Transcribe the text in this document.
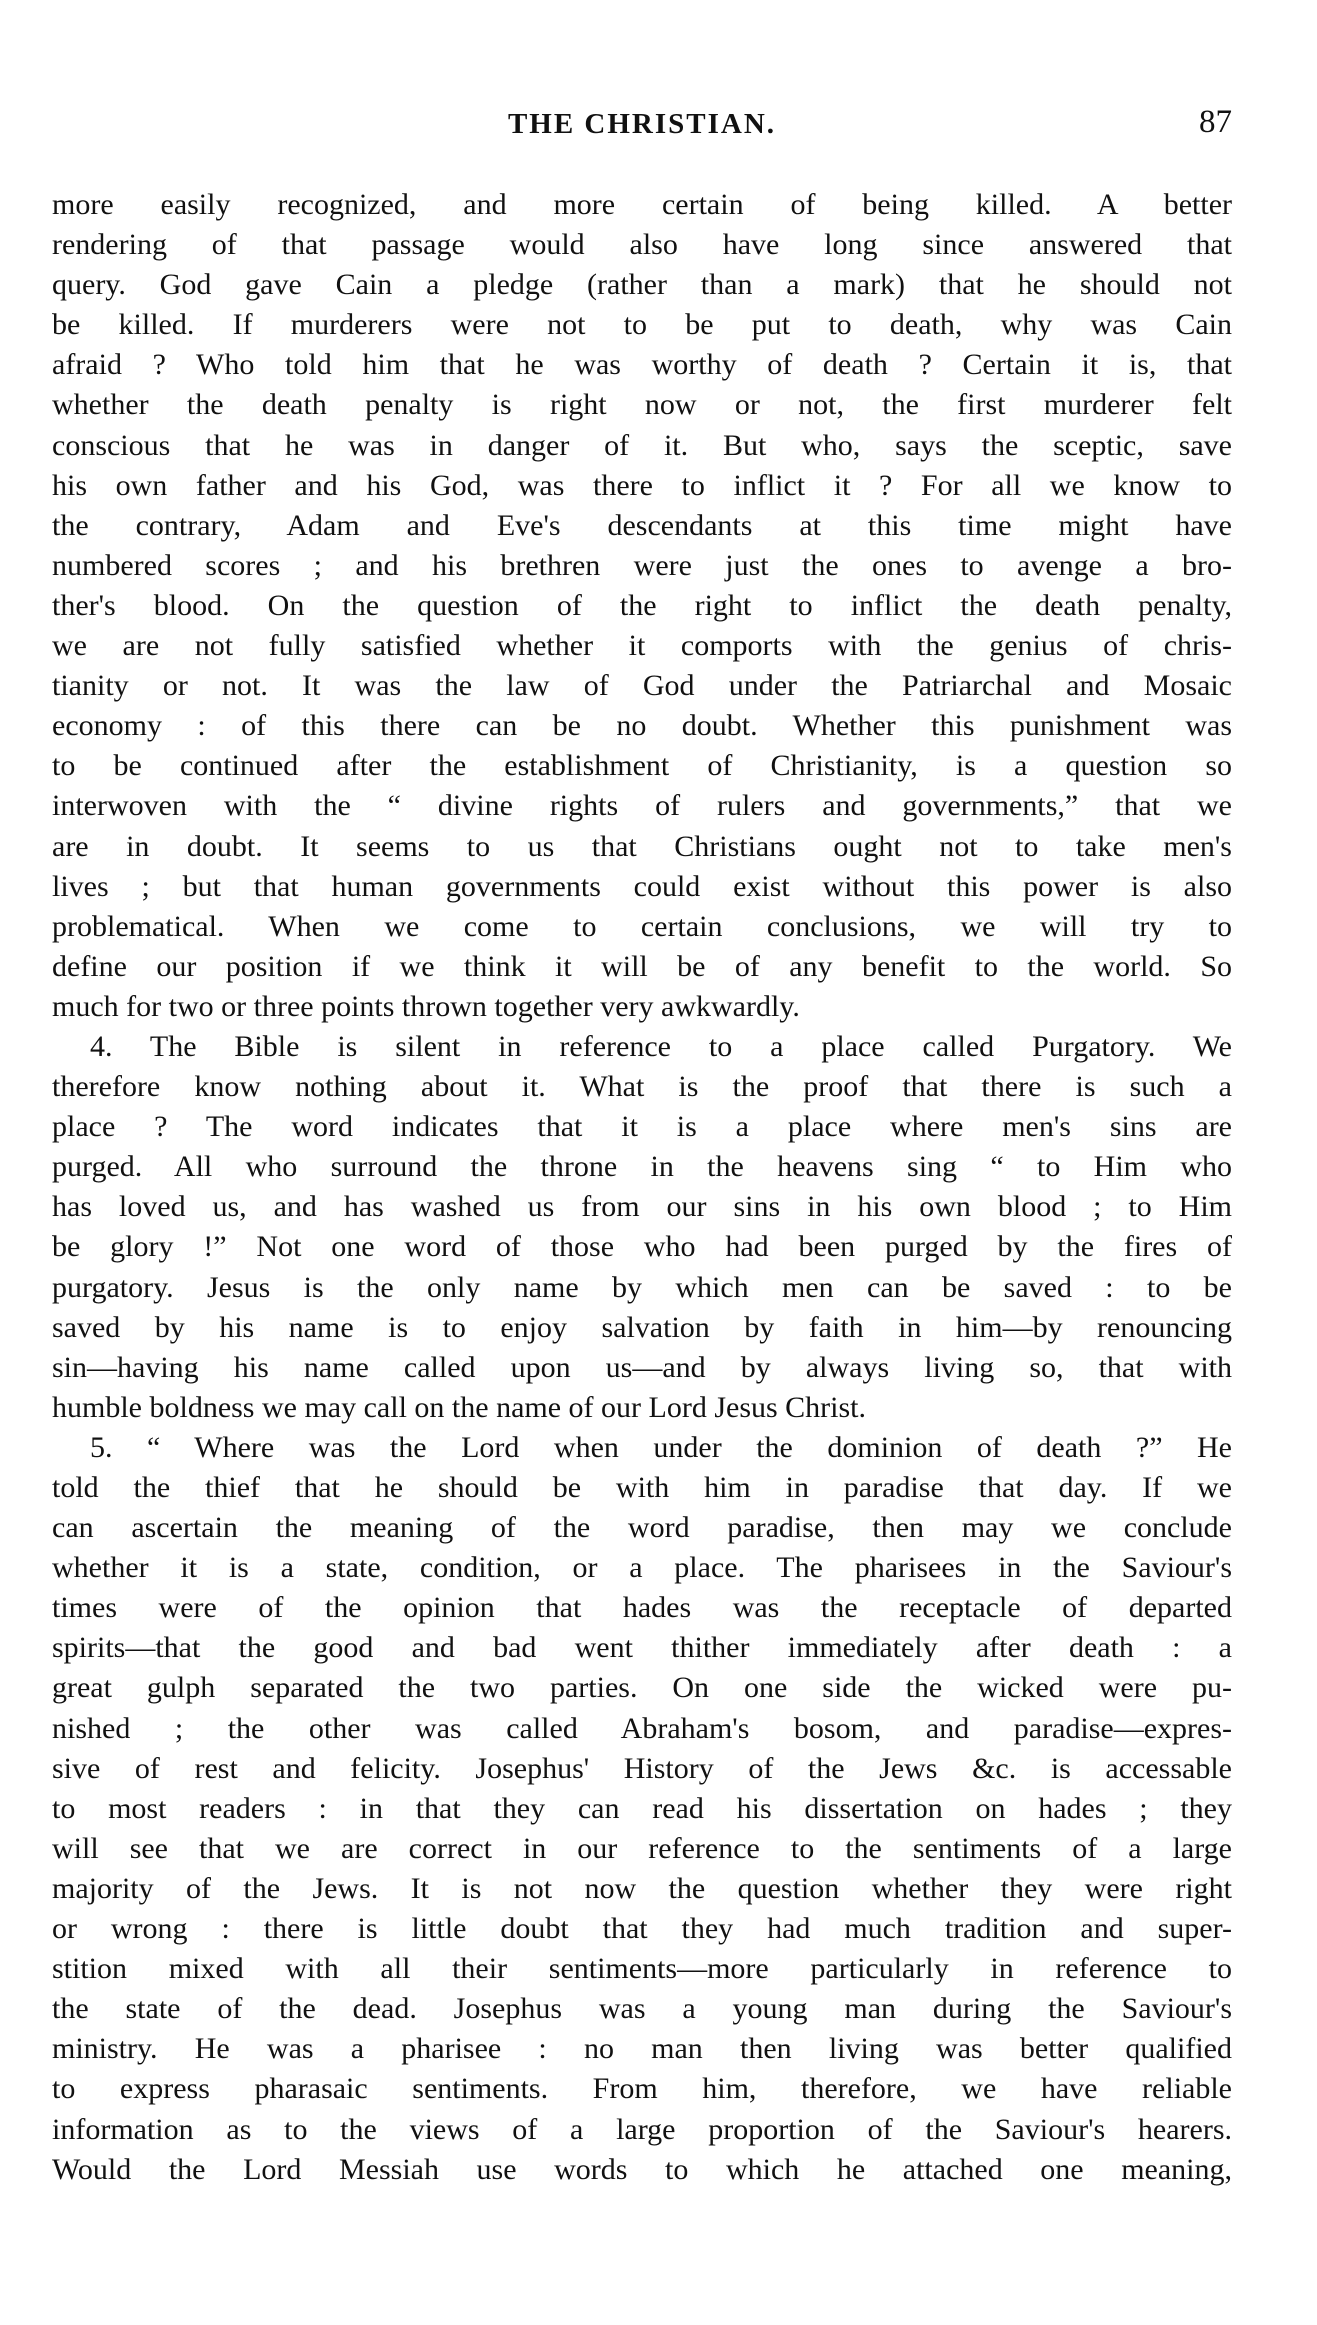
THE CHRISTIAN.	87
more easily recognized, and more certain of being killed. A better
rendering of that passage would also have long since answered that
query. God gave Cain a pledge (rather than a mark) that he should not
be killed. If murderers were not to be put to death, why was Cain
afraid ? Who told him that he was worthy of death ? Certain it is, that
whether the death penalty is right now or not, the first murderer felt
conscious that he was in danger of it. But who, says the sceptic, save
his own father and his God, was there to inflict it ? For all we know to
the contrary, Adam and Eve's descendants at this time might have
numbered scores ; and his brethren were just the ones to avenge a bro-
ther's blood. On the question of the right to inflict the death penalty,
we are not fully satisfied whether it comports with the genius of chris-
tianity or not. It was the law of God under the Patriarchal and Mosaic
economy : of this there can be no doubt. Whether this punishment was
to be continued after the establishment of Christianity, is a question so
interwoven with the “ divine rights of rulers and governments,” that we
are in doubt. It seems to us that Christians ought not to take men's
lives ; but that human governments could exist without this power is also
problematical. When we come to certain conclusions, we will try to
define our position if we think it will be of any benefit to the world. So
much for two or three points thrown together very awkwardly.
4. The Bible is silent in reference to a place called Purgatory. We
therefore know nothing about it. What is the proof that there is such a
place ? The word indicates that it is a place where men's sins are
purged. All who surround the throne in the heavens sing “ to Him who
has loved us, and has washed us from our sins in his own blood ; to Him
be glory !” Not one word of those who had been purged by the fires of
purgatory. Jesus is the only name by which men can be saved : to be
saved by his name is to enjoy salvation by faith in him—by renouncing
sin—having his name called upon us—and by always living so, that with
humble boldness we may call on the name of our Lord Jesus Christ.
5. “ Where was the Lord when under the dominion of death ?” He
told the thief that he should be with him in paradise that day. If we
can ascertain the meaning of the word paradise, then may we conclude
whether it is a state, condition, or a place. The pharisees in the Saviour's
times were of the opinion that hades was the receptacle of departed
spirits—that the good and bad went thither immediately after death : a
great gulph separated the two parties. On one side the wicked were pu-
nished ; the other was called Abraham's bosom, and paradise—expres-
sive of rest and felicity. Josephus' History of the Jews &c. is accessable
to most readers : in that they can read his dissertation on hades ; they
will see that we are correct in our reference to the sentiments of a large
majority of the Jews. It is not now the question whether they were right
or wrong : there is little doubt that they had much tradition and super-
stition mixed with all their sentiments—more particularly in reference to
the state of the dead. Josephus was a young man during the Saviour's
ministry. He was a pharisee : no man then living was better qualified
to express pharasaic sentiments. From him, therefore, we have reliable
information as to the views of a large proportion of the Saviour's hearers.
Would the Lord Messiah use words to which he attached one meaning,
